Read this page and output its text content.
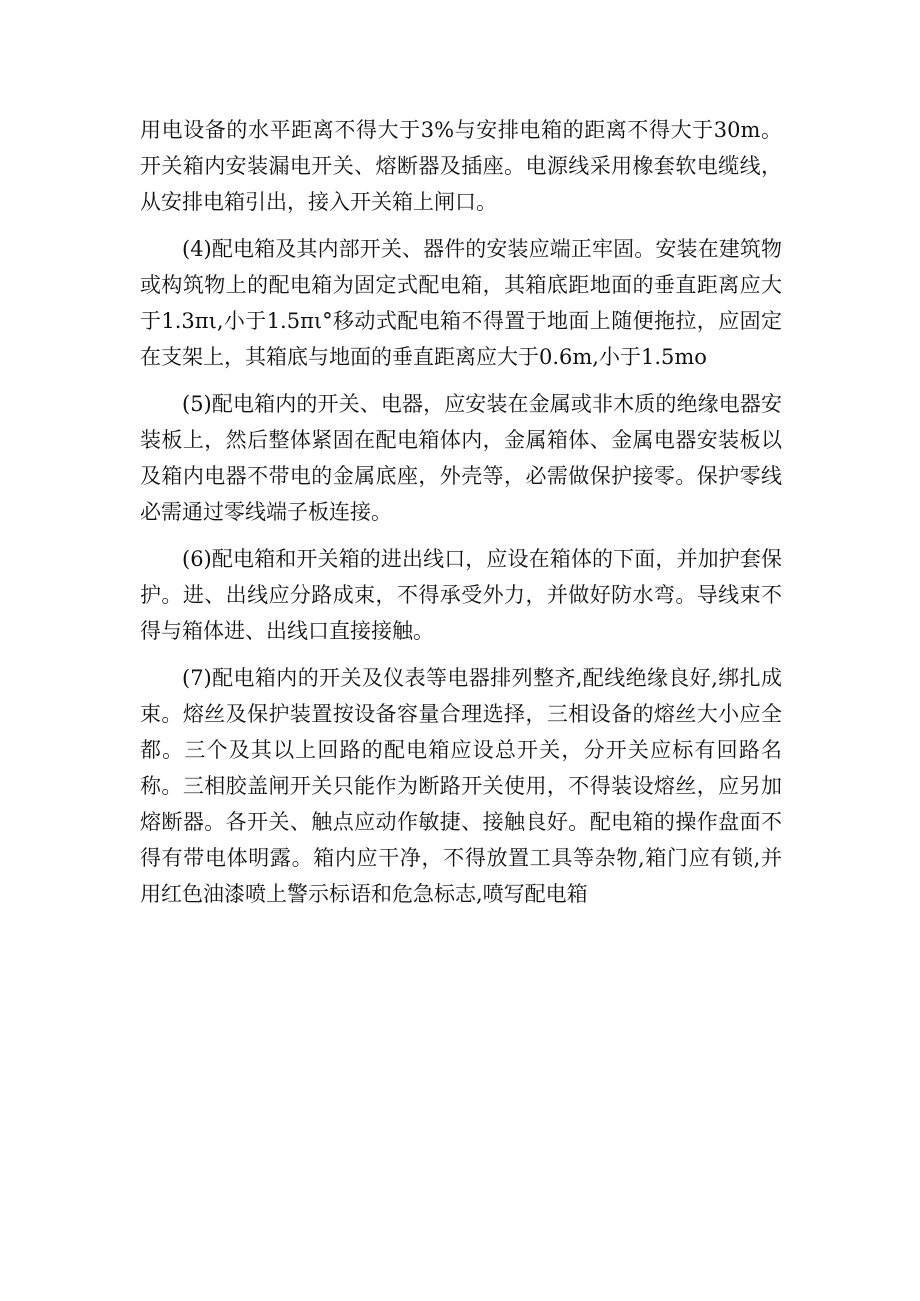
用电设备的水平距离不得大于3%与安排电箱的距离不得大于30m。开关箱内安装漏电开关、熔断器及插座。电源线采用橡套软电缆线，从安排电箱引出，接入开关箱上闸口。

(4)配电箱及其内部开关、器件的安装应端正牢固。安装在建筑物或构筑物上的配电箱为固定式配电箱，其箱底距地面的垂直距离应大于1.3πι,小于1.5πι°移动式配电箱不得置于地面上随便拖拉，应固定在支架上，其箱底与地面的垂直距离应大于0.6m,小于1.5mo

(5)配电箱内的开关、电器，应安装在金属或非木质的绝缘电器安装板上，然后整体紧固在配电箱体内，金属箱体、金属电器安装板以及箱内电器不带电的金属底座，外壳等，必需做保护接零。保护零线必需通过零线端子板连接。

(6)配电箱和开关箱的进出线口，应设在箱体的下面，并加护套保护。进、出线应分路成束，不得承受外力，并做好防水弯。导线束不得与箱体进、出线口直接接触。

(7)配电箱内的开关及仪表等电器排列整齐,配线绝缘良好,绑扎成束。熔丝及保护装置按设备容量合理选择，三相设备的熔丝大小应全都。三个及其以上回路的配电箱应设总开关，分开关应标有回路名称。三相胶盖闸开关只能作为断路开关使用，不得装设熔丝，应另加熔断器。各开关、触点应动作敏捷、接触良好。配电箱的操作盘面不得有带电体明露。箱内应干净，不得放置工具等杂物,箱门应有锁,并用红色油漆喷上警示标语和危急标志,喷写配电箱
